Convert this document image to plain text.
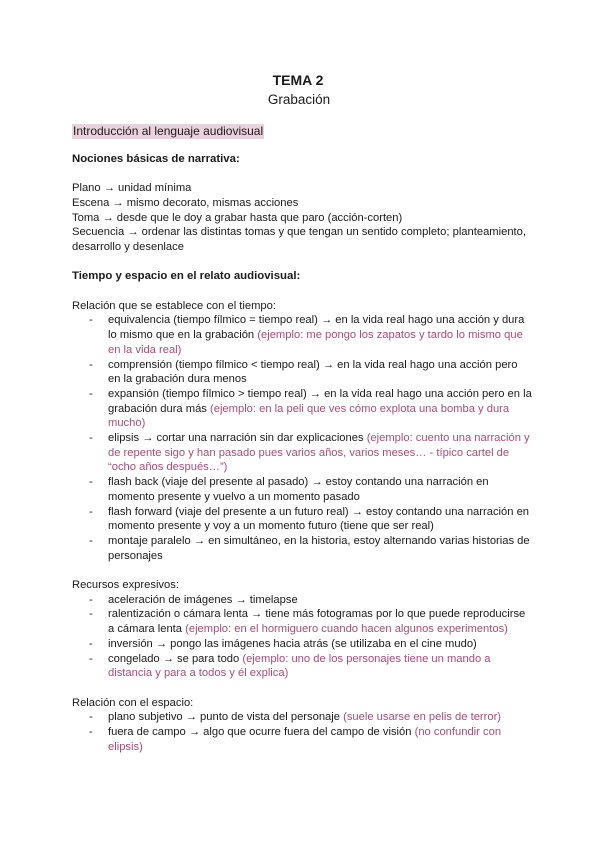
TEMA 2
Grabación
Introducción al lenguaje audiovisual
Nociones básicas de narrativa:
Plano → unidad mínima
Escena → mismo decorato, mismas acciones
Toma → desde que le doy a grabar hasta que paro (acción-corten)
Secuencia → ordenar las distintas tomas y que tengan un sentido completo; planteamiento, desarrollo y desenlace
Tiempo y espacio en el relato audiovisual:
Relación que se establece con el tiempo:
- equivalencia (tiempo fílmico = tiempo real) → en la vida real hago una acción y dura lo mismo que en la grabación (ejemplo: me pongo los zapatos y tardo lo mismo que en la vida real)
- comprensión (tiempo fílmico < tiempo real) → en la vida real hago una acción pero en la grabación dura menos
- expansión (tiempo fílmico > tiempo real) → en la vida real hago una acción pero en la grabación dura más (ejemplo: en la peli que ves cómo explota una bomba y dura mucho)
- elipsis → cortar una narración sin dar explicaciones (ejemplo: cuento una narración y de repente sigo y han pasado pues varios años, varios meses… - típico cartel de “ocho años después…”)
- flash back (viaje del presente al pasado) → estoy contando una narración en momento presente y vuelvo a un momento pasado
- flash forward (viaje del presente a un futuro real) → estoy contando una narración en momento presente y voy a un momento futuro (tiene que ser real)
- montaje paralelo → en simultáneo, en la historia, estoy alternando varias historias de personajes
Recursos expresivos:
- aceleración de imágenes → timelapse
- ralentización o cámara lenta → tiene más fotogramas por lo que puede reproducirse a cámara lenta (ejemplo: en el hormiguero cuando hacen algunos experimentos)
- inversión → pongo las imágenes hacia atrás (se utilizaba en el cine mudo)
- congelado → se para todo (ejemplo: uno de los personajes tiene un mando a distancia y para a todos y él explica)
Relación con el espacio:
- plano subjetivo → punto de vista del personaje (suele usarse en pelis de terror)
- fuera de campo → algo que ocurre fuera del campo de visión (no confundir con elipsis)
